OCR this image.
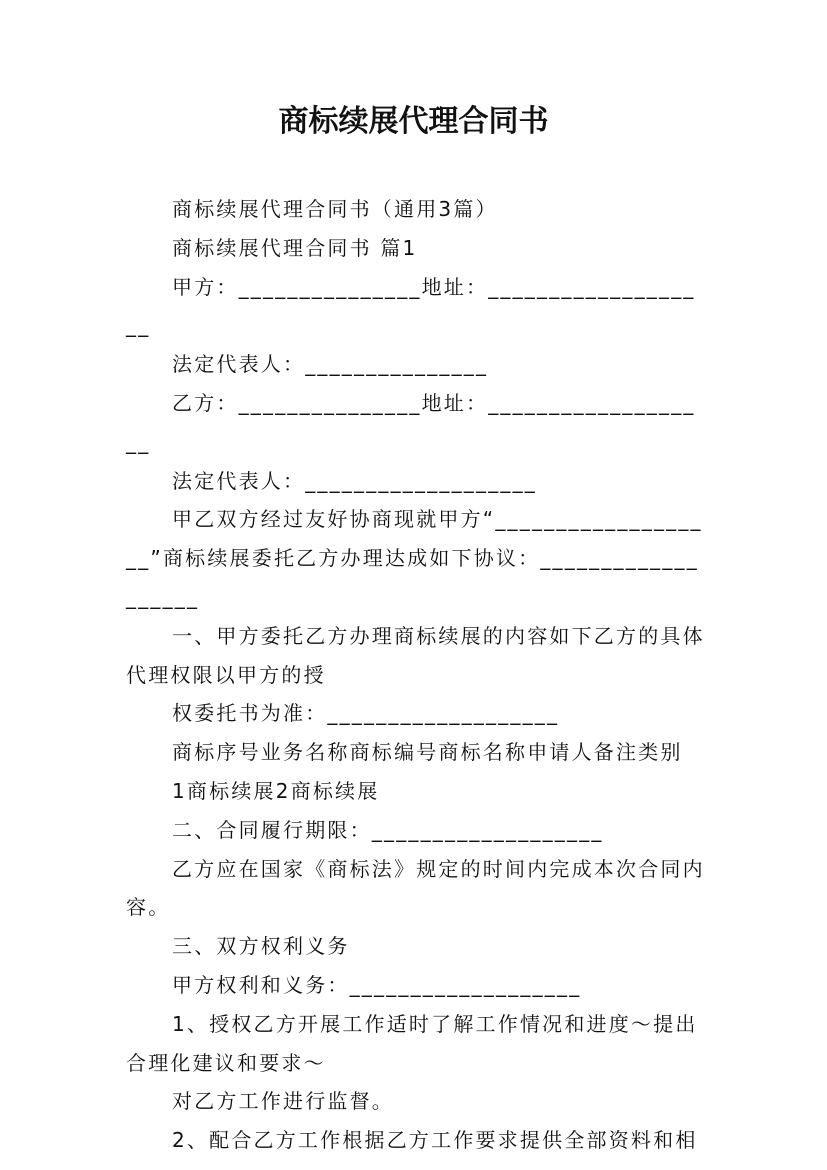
商标续展代理合同书

商标续展代理合同书（通用3篇）

商标续展代理合同书 篇1

甲方：_______________地址：___________________

法定代表人：_______________

乙方：_______________地址：___________________

法定代表人：___________________

甲乙双方经过友好协商现就甲方“___________________”商标续展委托乙方办理达成如下协议：___________________

一、甲方委托乙方办理商标续展的内容如下乙方的具体代理权限以甲方的授

权委托书为准：___________________

商标序号业务名称商标编号商标名称申请人备注类别

1商标续展2商标续展

二、合同履行期限：___________________

乙方应在国家《商标法》规定的时间内完成本次合同内容。

三、双方权利义务

甲方权利和义务：___________________

1、授权乙方开展工作适时了解工作情况和进度～提出合理化建议和要求～

对乙方工作进行监督。

2、配合乙方工作根据乙方工作要求提供全部资料和相
